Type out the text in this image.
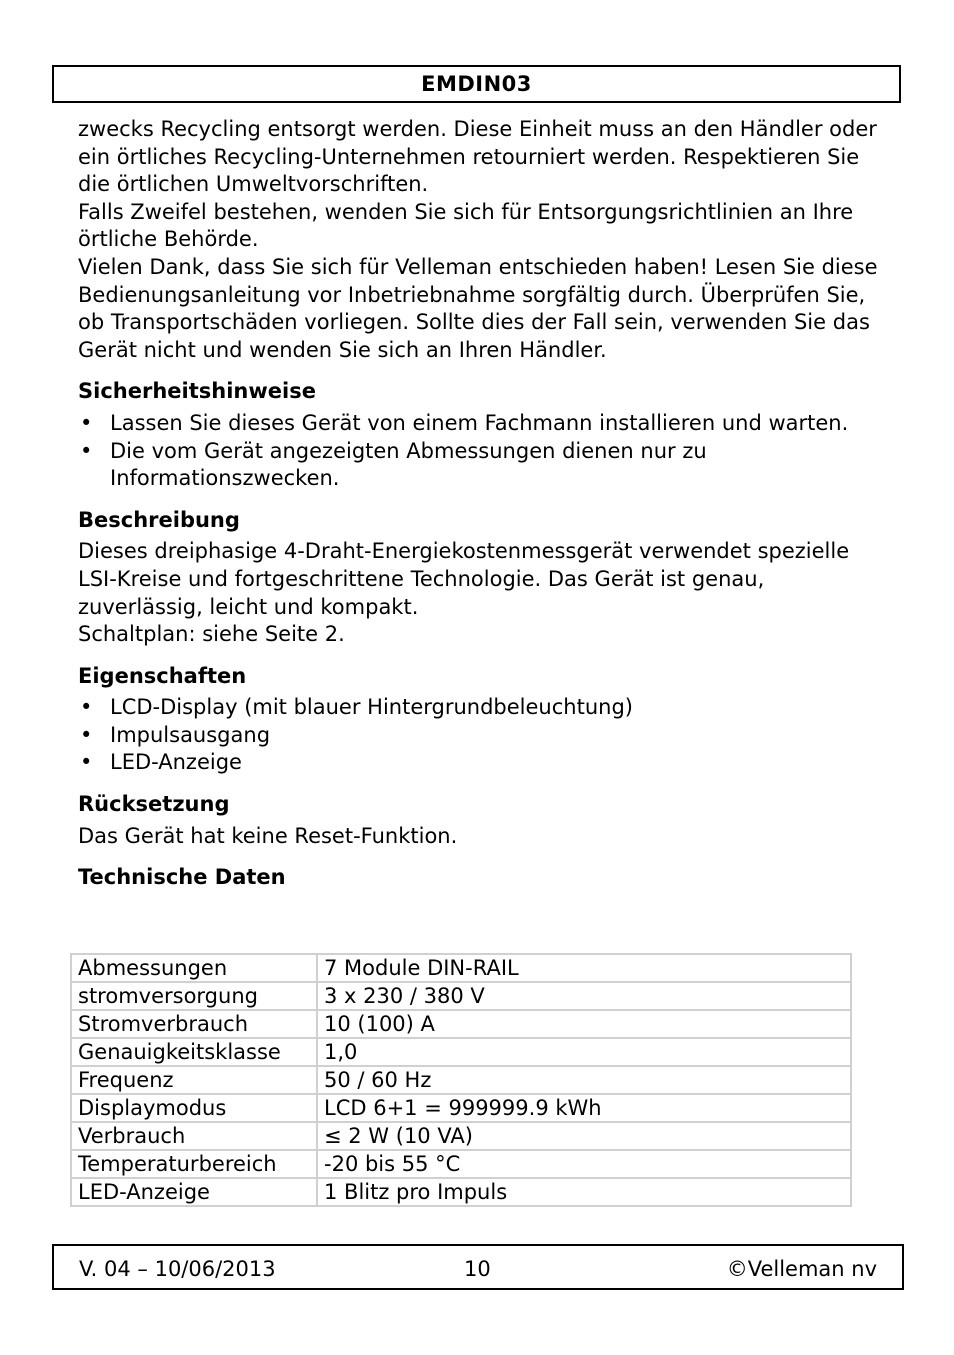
EMDIN03

zwecks Recycling entsorgt werden. Diese Einheit muss an den Händler oder ein örtliches Recycling-Unternehmen retourniert werden. Respektieren Sie die örtlichen Umweltvorschriften.

Falls Zweifel bestehen, wenden Sie sich für Entsorgungsrichtlinien an Ihre örtliche Behörde.

Vielen Dank, dass Sie sich für Velleman entschieden haben! Lesen Sie diese Bedienungsanleitung vor Inbetriebnahme sorgfältig durch. Überprüfen Sie, ob Transportschäden vorliegen. Sollte dies der Fall sein, verwenden Sie das Gerät nicht und wenden Sie sich an Ihren Händler.

Sicherheitshinweise
• Lassen Sie dieses Gerät von einem Fachmann installieren und warten.
• Die vom Gerät angezeigten Abmessungen dienen nur zu Informationszwecken.
Beschreibung

Dieses dreiphasige 4-Draht-Energiekostenmessgerät verwendet spezielle LSI-Kreise und fortgeschrittene Technologie. Das Gerät ist genau, zuverlässig, leicht und kompakt.

Schaltplan: siehe Seite 2.

Eigenschaften
• LCD-Display (mit blauer Hintergrundbeleuchtung)
• Impulsausgang
• LED-Anzeige
Rücksetzung

Das Gerät hat keine Reset-Funktion.

Technische Daten
Abmessungen	7 Module DIN-RAIL
stromversorgung	3 x 230 / 380 V
Stromverbrauch	10 (100) A
Genauigkeitsklasse	1,0
Frequenz	50 / 60 Hz
Displaymodus	LCD 6+1 = 999999.9 kWh
Verbrauch	≤ 2 W (10 VA)
Temperaturbereich	-20 bis 55 °C
LED-Anzeige	1 Blitz pro Impuls
V. 04 – 10/06/2013	10	©Velleman nv
